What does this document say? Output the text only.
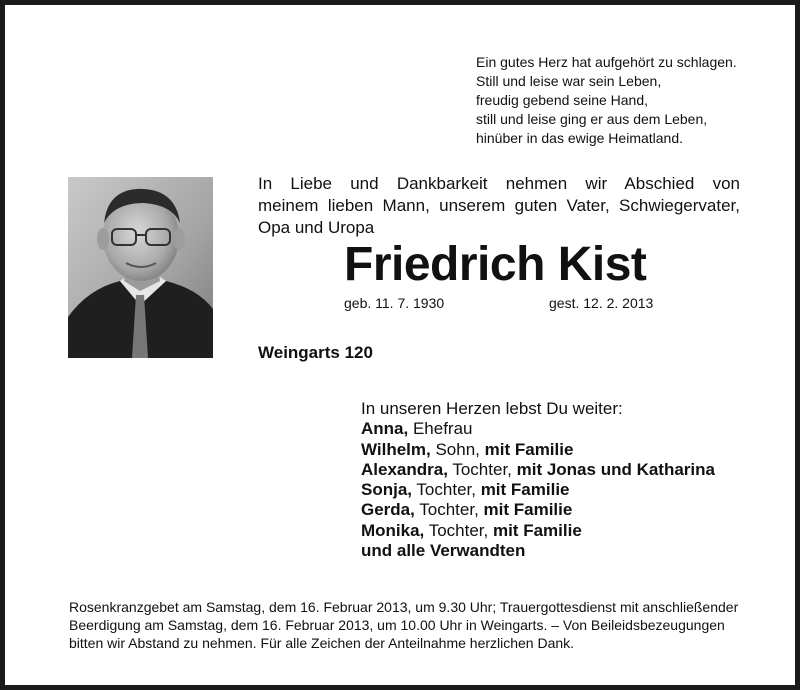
Ein gutes Herz hat aufgehört zu schlagen.
Still und leise war sein Leben,
freudig gebend seine Hand,
still und leise ging er aus dem Leben,
hinüber in das ewige Heimatland.
In Liebe und Dankbarkeit nehmen wir Abschied von
meinem lieben Mann, unserem guten Vater, Schwiegervater,
Opa und Uropa
Friedrich Kist
geb. 11. 7. 1930	gest. 12. 2. 2013
Weingarts 120
In unseren Herzen lebst Du weiter:
Anna, Ehefrau
Wilhelm, Sohn, mit Familie
Alexandra, Tochter, mit Jonas und Katharina
Sonja, Tochter, mit Familie
Gerda, Tochter, mit Familie
Monika, Tochter, mit Familie
und alle Verwandten
Rosenkranzgebet am Samstag, dem 16. Februar 2013, um 9.30 Uhr; Trauergottesdienst mit anschließender
Beerdigung am Samstag, dem 16. Februar 2013, um 10.00 Uhr in Weingarts. – Von Beileidsbezeugungen
bitten wir Abstand zu nehmen. Für alle Zeichen der Anteilnahme herzlichen Dank.
